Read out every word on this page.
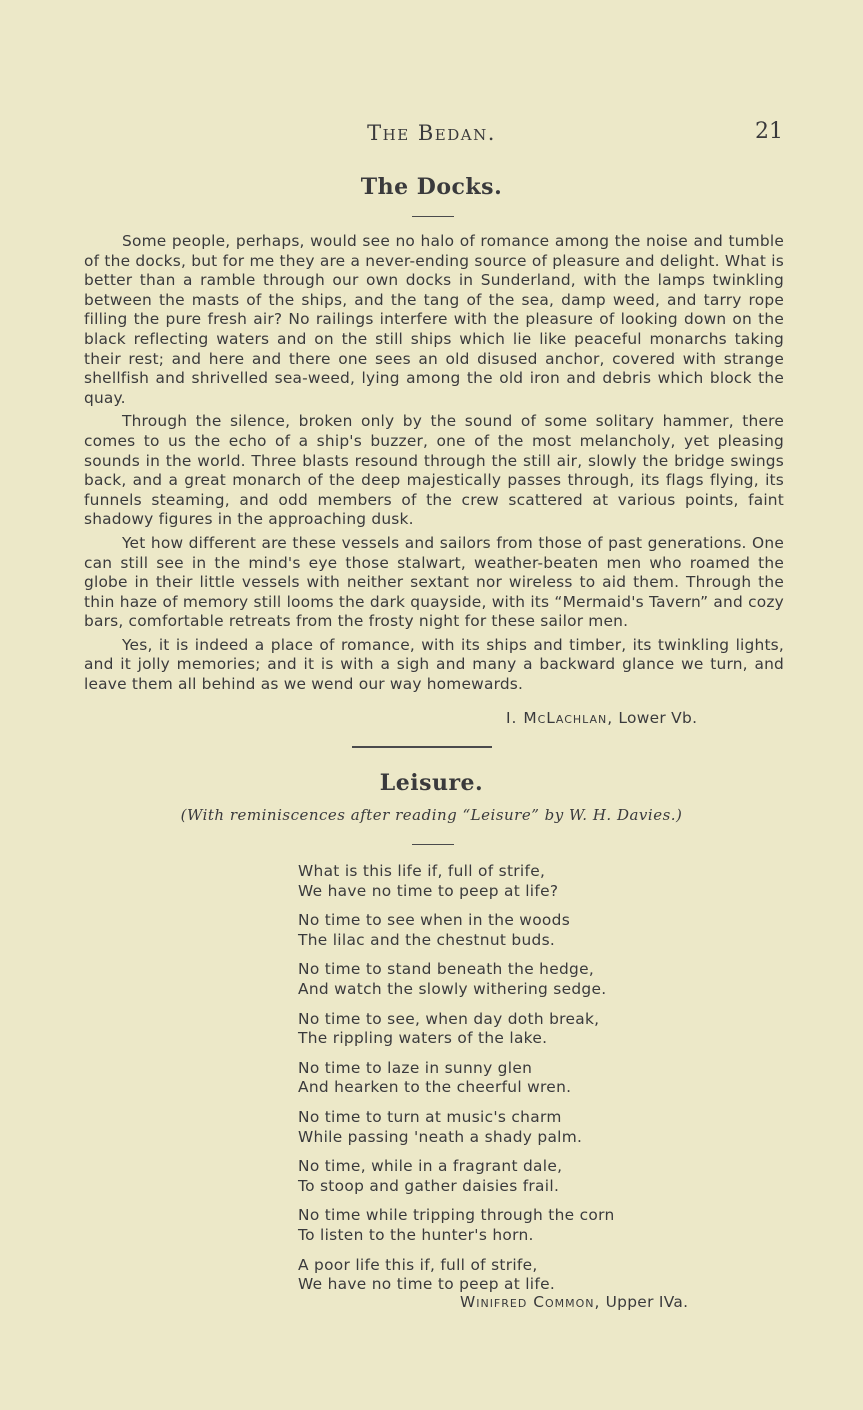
The Bedan.	21
The Docks.

Some people, perhaps, would see no halo of romance among the noise and tumble of the docks, but for me they are a never-ending source of pleasure and delight. What is better than a ramble through our own docks in Sunderland, with the lamps twinkling between the masts of the ships, and the tang of the sea, damp weed, and tarry rope filling the pure fresh air? No railings interfere with the pleasure of looking down on the black reflecting waters and on the still ships which lie like peaceful monarchs taking their rest; and here and there one sees an old disused anchor, covered with strange shellfish and shrivelled sea-weed, lying among the old iron and debris which block the quay.

Through the silence, broken only by the sound of some solitary hammer, there comes to us the echo of a ship's buzzer, one of the most melancholy, yet pleasing sounds in the world. Three blasts resound through the still air, slowly the bridge swings back, and a great monarch of the deep majestically passes through, its flags flying, its funnels steaming, and odd members of the crew scattered at various points, faint shadowy figures in the approaching dusk.

Yet how different are these vessels and sailors from those of past generations. One can still see in the mind's eye those stalwart, weather-beaten men who roamed the globe in their little vessels with neither sextant nor wireless to aid them. Through the thin haze of memory still looms the dark quayside, with its “Mermaid's Tavern” and cozy bars, comfortable retreats from the frosty night for these sailor men.

Yes, it is indeed a place of romance, with its ships and timber, its twinkling lights, and it jolly memories; and it is with a sigh and many a backward glance we turn, and leave them all behind as we wend our way homewards.

I. McLachlan, Lower Vb.
Leisure.
(With reminiscences after reading “Leisure” by W. H. Davies.)
What is this life if, full of strife,
We have no time to peep at life?
No time to see when in the woods
The lilac and the chestnut buds.
No time to stand beneath the hedge,
And watch the slowly withering sedge.
No time to see, when day doth break,
The rippling waters of the lake.
No time to laze in sunny glen
And hearken to the cheerful wren.
No time to turn at music's charm
While passing 'neath a shady palm.
No time, while in a fragrant dale,
To stoop and gather daisies frail.
No time while tripping through the corn
To listen to the hunter's horn.
A poor life this if, full of strife,
We have no time to peep at life.
Winifred Common, Upper IVa.
